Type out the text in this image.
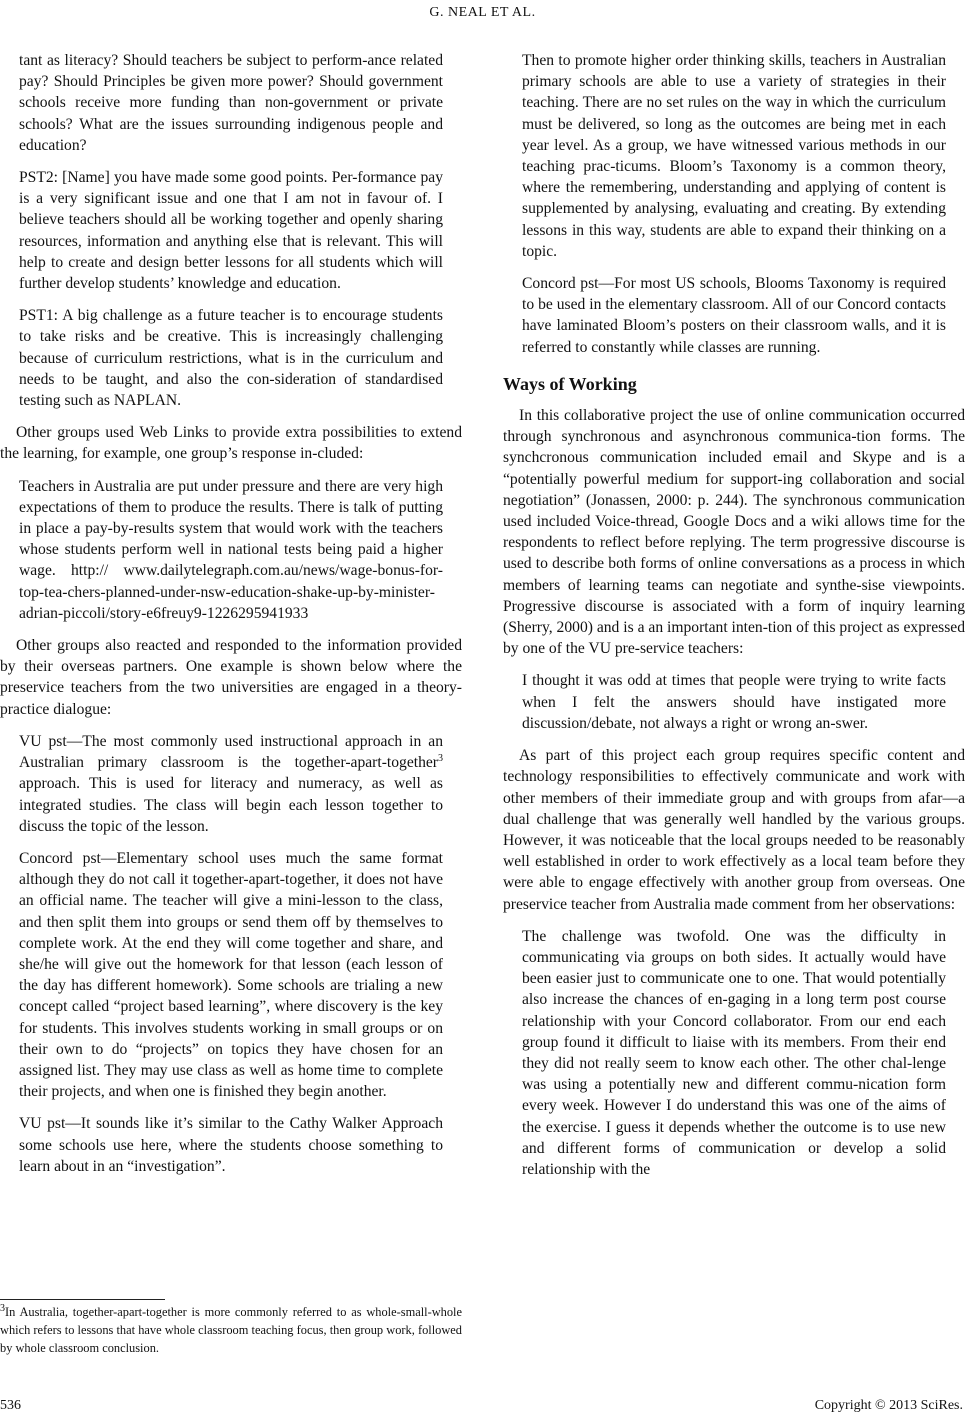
G. NEAL ET AL.

tant as literacy? Should teachers be subject to perform-ance related pay? Should Principles be given more power? Should government schools receive more funding than non-government or private schools? What are the issues surrounding indigenous people and education?

PST2: [Name] you have made some good points. Per-formance pay is a very significant issue and one that I am not in favour of. I believe teachers should all be working together and openly sharing resources, information and anything else that is relevant. This will help to create and design better lessons for all students which will further develop students’ knowledge and education.

PST1: A big challenge as a future teacher is to encourage students to take risks and be creative. This is increasingly challenging because of curriculum restrictions, what is in the curriculum and needs to be taught, and also the con-sideration of standardised testing such as NAPLAN.

Other groups used Web Links to provide extra possibilities to extend the learning, for example, one group’s response in-cluded:

Teachers in Australia are put under pressure and there are very high expectations of them to produce the results. There is talk of putting in place a pay-by-results system that would work with the teachers whose students perform well in national tests being paid a higher wage. http:// www.dailytelegraph.com.au/news/wage-bonus-for-top-tea-chers-planned-under-nsw-education-shake-up-by-minister-adrian-piccoli/story-e6freuy9-1226295941933

Other groups also reacted and responded to the information provided by their overseas partners. One example is shown below where the preservice teachers from the two universities are engaged in a theory-practice dialogue:

VU pst—The most commonly used instructional approach in an Australian primary classroom is the together-apart-together$^3$ approach. This is used for literacy and numeracy, as well as integrated studies. The class will begin each lesson together to discuss the topic of the lesson.

Concord pst—Elementary school uses much the same format although they do not call it together-apart-together, it does not have an official name. The teacher will give a mini-lesson to the class, and then split them into groups or send them off by themselves to complete work. At the end they will come together and share, and she/he will give out the homework for that lesson (each lesson of the day has different homework). Some schools are trialing a new concept called “project based learning”, where discovery is the key for students. This involves students working in small groups or on their own to do “projects” on topics they have chosen for an assigned list. They may use class as well as home time to complete their projects, and when one is finished they begin another.

VU pst—It sounds like it’s similar to the Cathy Walker Approach some schools use here, where the students choose something to learn about in an “investigation”.

Then to promote higher order thinking skills, teachers in Australian primary schools are able to use a variety of strategies in their teaching. There are no set rules on the way in which the curriculum must be delivered, so long as the outcomes are being met in each year level. As a group, we have witnessed various methods in our teaching prac-ticums. Bloom’s Taxonomy is a common theory, where the remembering, understanding and applying of content is supplemented by analysing, evaluating and creating. By extending lessons in this way, students are able to expand their thinking on a topic.

Concord pst—For most US schools, Blooms Taxonomy is required to be used in the elementary classroom. All of our Concord contacts have laminated Bloom’s posters on their classroom walls, and it is referred to constantly while classes are running.

Ways of Working

In this collaborative project the use of online communication occurred through synchronous and asynchronous communica-tion forms. The synchcronous communication included email and Skype and is a “potentially powerful medium for support-ing collaboration and social negotiation” (Jonassen, 2000: p. 244). The synchronous communication used included Voice-thread, Google Docs and a wiki allows time for the respondents to reflect before replying. The term progressive discourse is used to describe both forms of online conversations as a process in which members of learning teams can negotiate and synthe-sise viewpoints. Progressive discourse is associated with a form of inquiry learning (Sherry, 2000) and is a an important inten-tion of this project as expressed by one of the VU pre-service teachers:

I thought it was odd at times that people were trying to write facts when I felt the answers should have instigated more discussion/debate, not always a right or wrong an-swer.

As part of this project each group requires specific content and technology responsibilities to effectively communicate and work with other members of their immediate group and with groups from afar—a dual challenge that was generally well handled by the various groups. However, it was noticeable that the local groups needed to be reasonably well established in order to work effectively as a local team before they were able to engage effectively with another group from overseas. One preservice teacher from Australia made comment from her observations:

The challenge was twofold. One was the difficulty in communicating via groups on both sides. It actually would have been easier just to communicate one to one. That would potentially also increase the chances of en-gaging in a long term post course relationship with your Concord collaborator. From our end each group found it difficult to liaise with its members. From their end they did not really seem to know each other. The other chal-lenge was using a potentially new and different commu-nication form every week. However I do understand this was one of the aims of the exercise. I guess it depends whether the outcome is to use new and different forms of communication or develop a solid relationship with the

$^3$In Australia, together-apart-together is more commonly referred to as whole-small-whole which refers to lessons that have whole classroom teaching focus, then group work, followed by whole classroom conclusion.
536	Copyright © 2013 SciRes.
